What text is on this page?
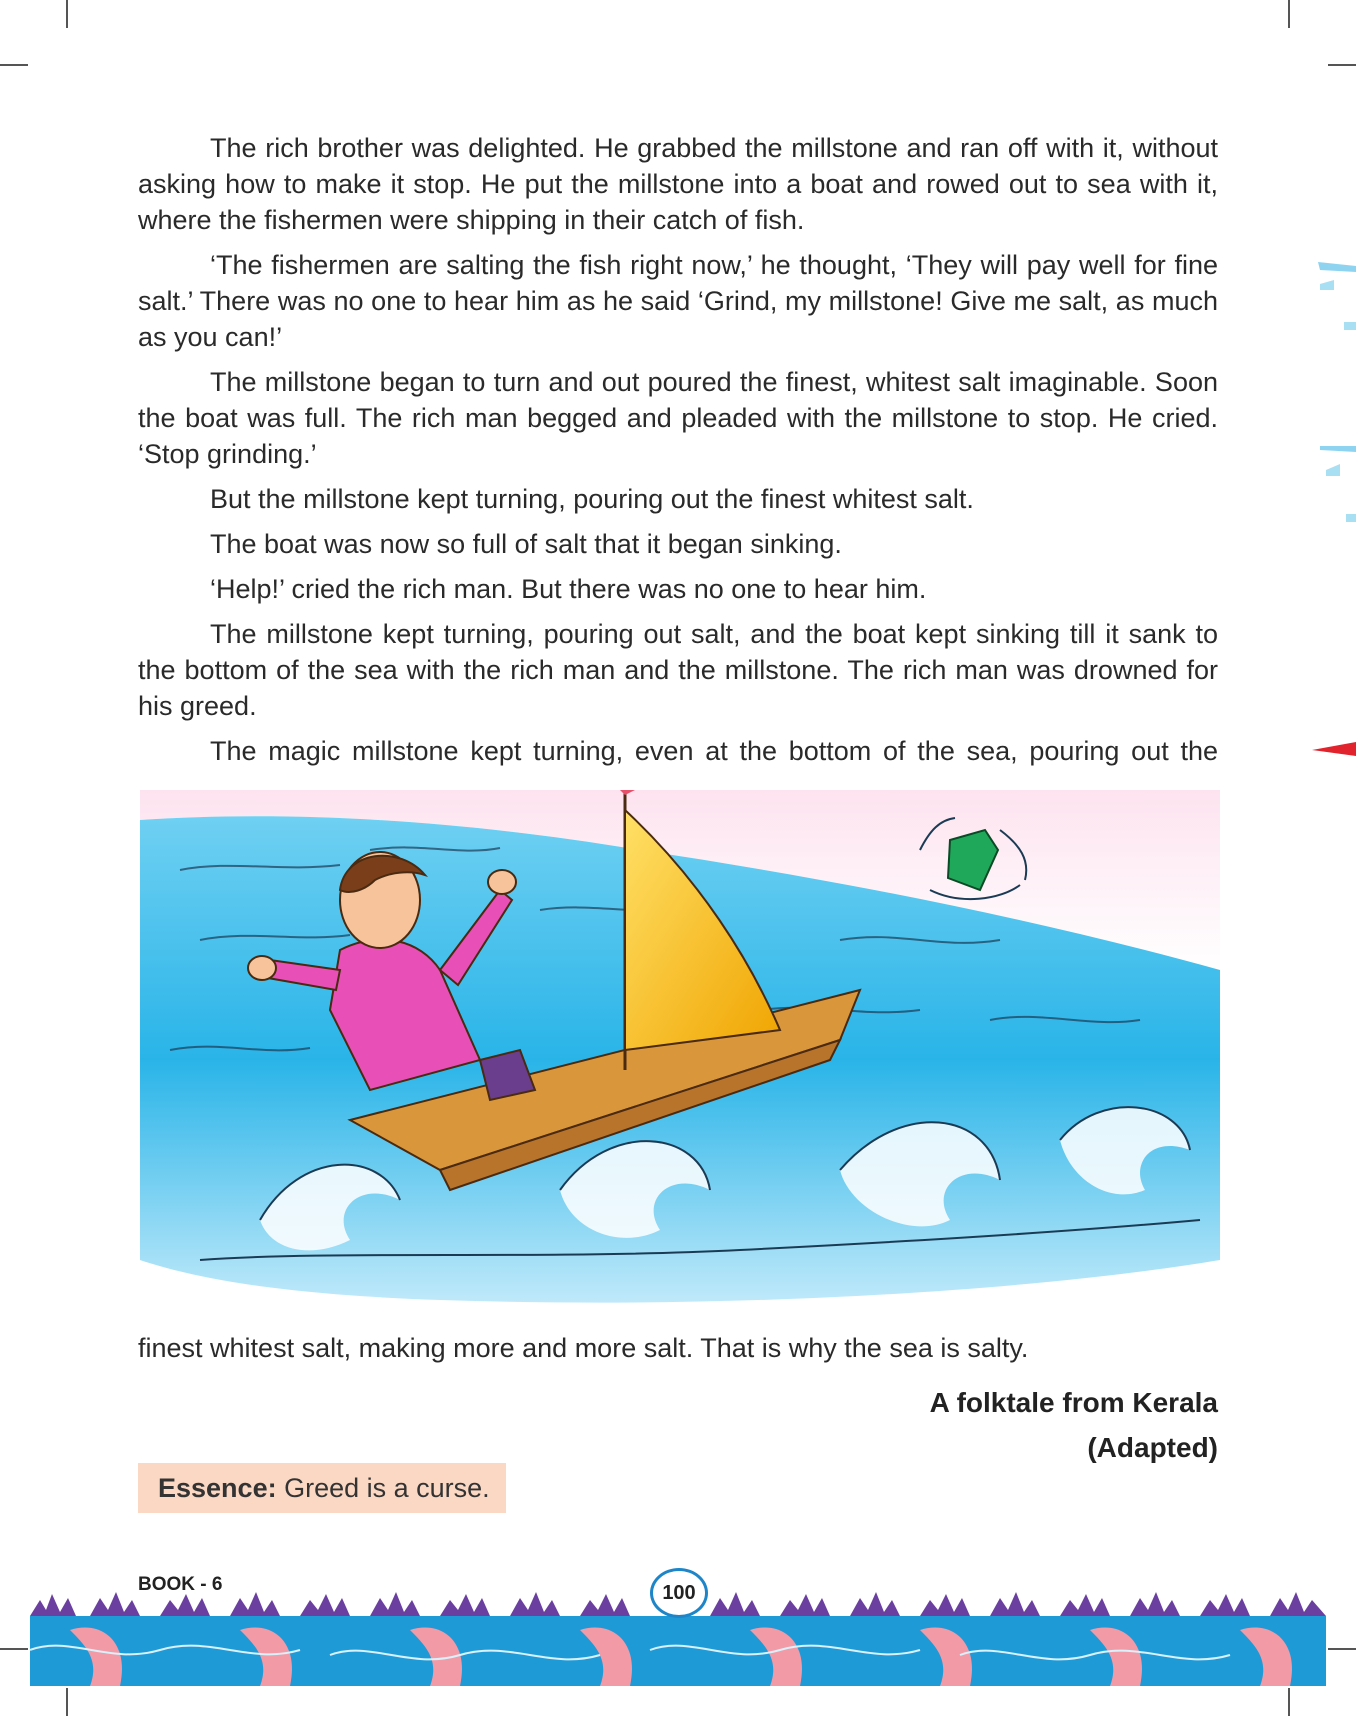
The rich brother was delighted. He grabbed the millstone and ran off with it, without asking how to make it stop. He put the millstone into a boat and rowed out to sea with it, where the fishermen were shipping in their catch of fish.

‘The fishermen are salting the fish right now,’ he thought, ‘They will pay well for fine salt.’ There was no one to hear him as he said ‘Grind, my millstone! Give me salt, as much as you can!’

The millstone began to turn and out poured the finest, whitest salt imaginable. Soon the boat was full. The rich man begged and pleaded with the millstone to stop. He cried. ‘Stop grinding.’

But the millstone kept turning, pouring out the finest whitest salt.

The boat was now so full of salt that it began sinking.

‘Help!’ cried the rich man. But there was no one to hear him.

The millstone kept turning, pouring out salt, and the boat kept sinking till it sank to the bottom of the sea with the rich man and the millstone. The rich man was drowned for his greed.

The magic millstone kept turning, even at the bottom of the sea, pouring out the

finest whitest salt, making more and more salt. That is why the sea is salty.
A folktale from Kerala
(Adapted)
Essence: Greed is a curse.
BOOK - 6	100
